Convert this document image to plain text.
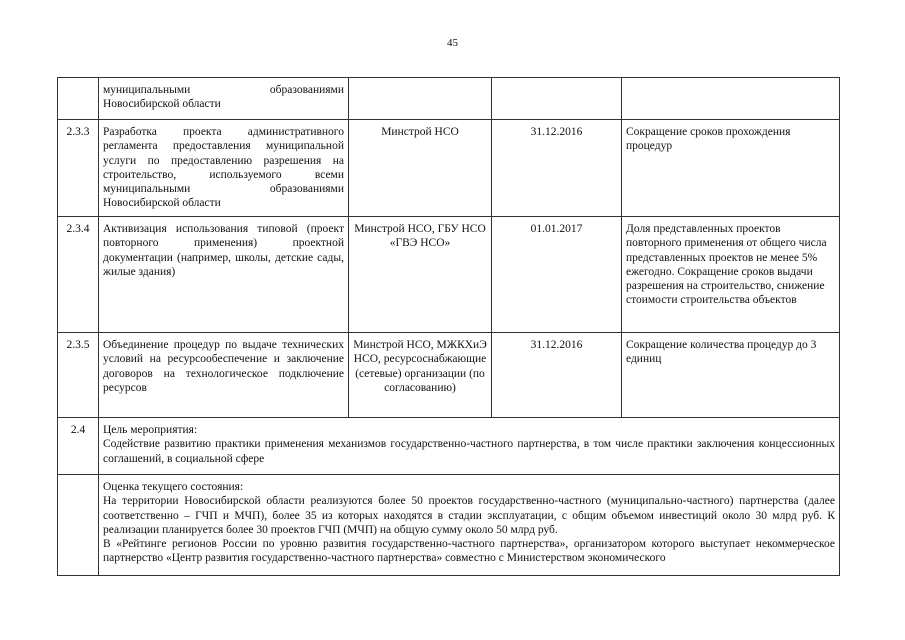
45
	муниципальными образованиями Новосибирской области			
2.3.3	Разработка проекта административного регламента предоставления муниципальной услуги по предоставлению разрешения на строительство, используемого всеми муниципальными образованиями Новосибирской области	Минстрой НСО	31.12.2016	Сокращение сроков прохождения процедур
2.3.4	Активизация использования типовой (проект повторного применения) проектной документации (например, школы, детские сады, жилые здания)	Минстрой НСО, ГБУ НСО «ГВЭ НСО»	01.01.2017	Доля представленных проектов повторного применения от общего числа представленных проектов не менее 5% ежегодно. Сокращение сроков выдачи разрешения на строительство, снижение стоимости строительства объектов
2.3.5	Объединение процедур по выдаче технических условий на ресурсообеспечение и заключение договоров на технологическое подключение ресурсов	Минстрой НСО, МЖКХиЭ НСО, ресурсоснабжающие (сетевые) организации (по согласованию)	31.12.2016	Сокращение количества процедур до 3 единиц
2.4	Цель мероприятия:

Содействие развитию практики применения механизмов государственно-частного партнерства, в том числе практики заключения концессионных соглашений, в социальной сфере			

	Оценка текущего состояния:

На территории Новосибирской области реализуются более 50 проектов государственно-частного (муниципально-частного) партнерства (далее соответственно – ГЧП и МЧП), более 35 из которых находятся в стадии эксплуатации, с общим объемом инвестиций около 30 млрд руб. К реализации планируется более 30 проектов ГЧП (МЧП) на общую сумму около 50 млрд руб.

В «Рейтинге регионов России по уровню развития государственно-частного партнерства», организатором которого выступает некоммерческое партнерство «Центр развития государственно-частного партнерства» совместно с Министерством экономического			
